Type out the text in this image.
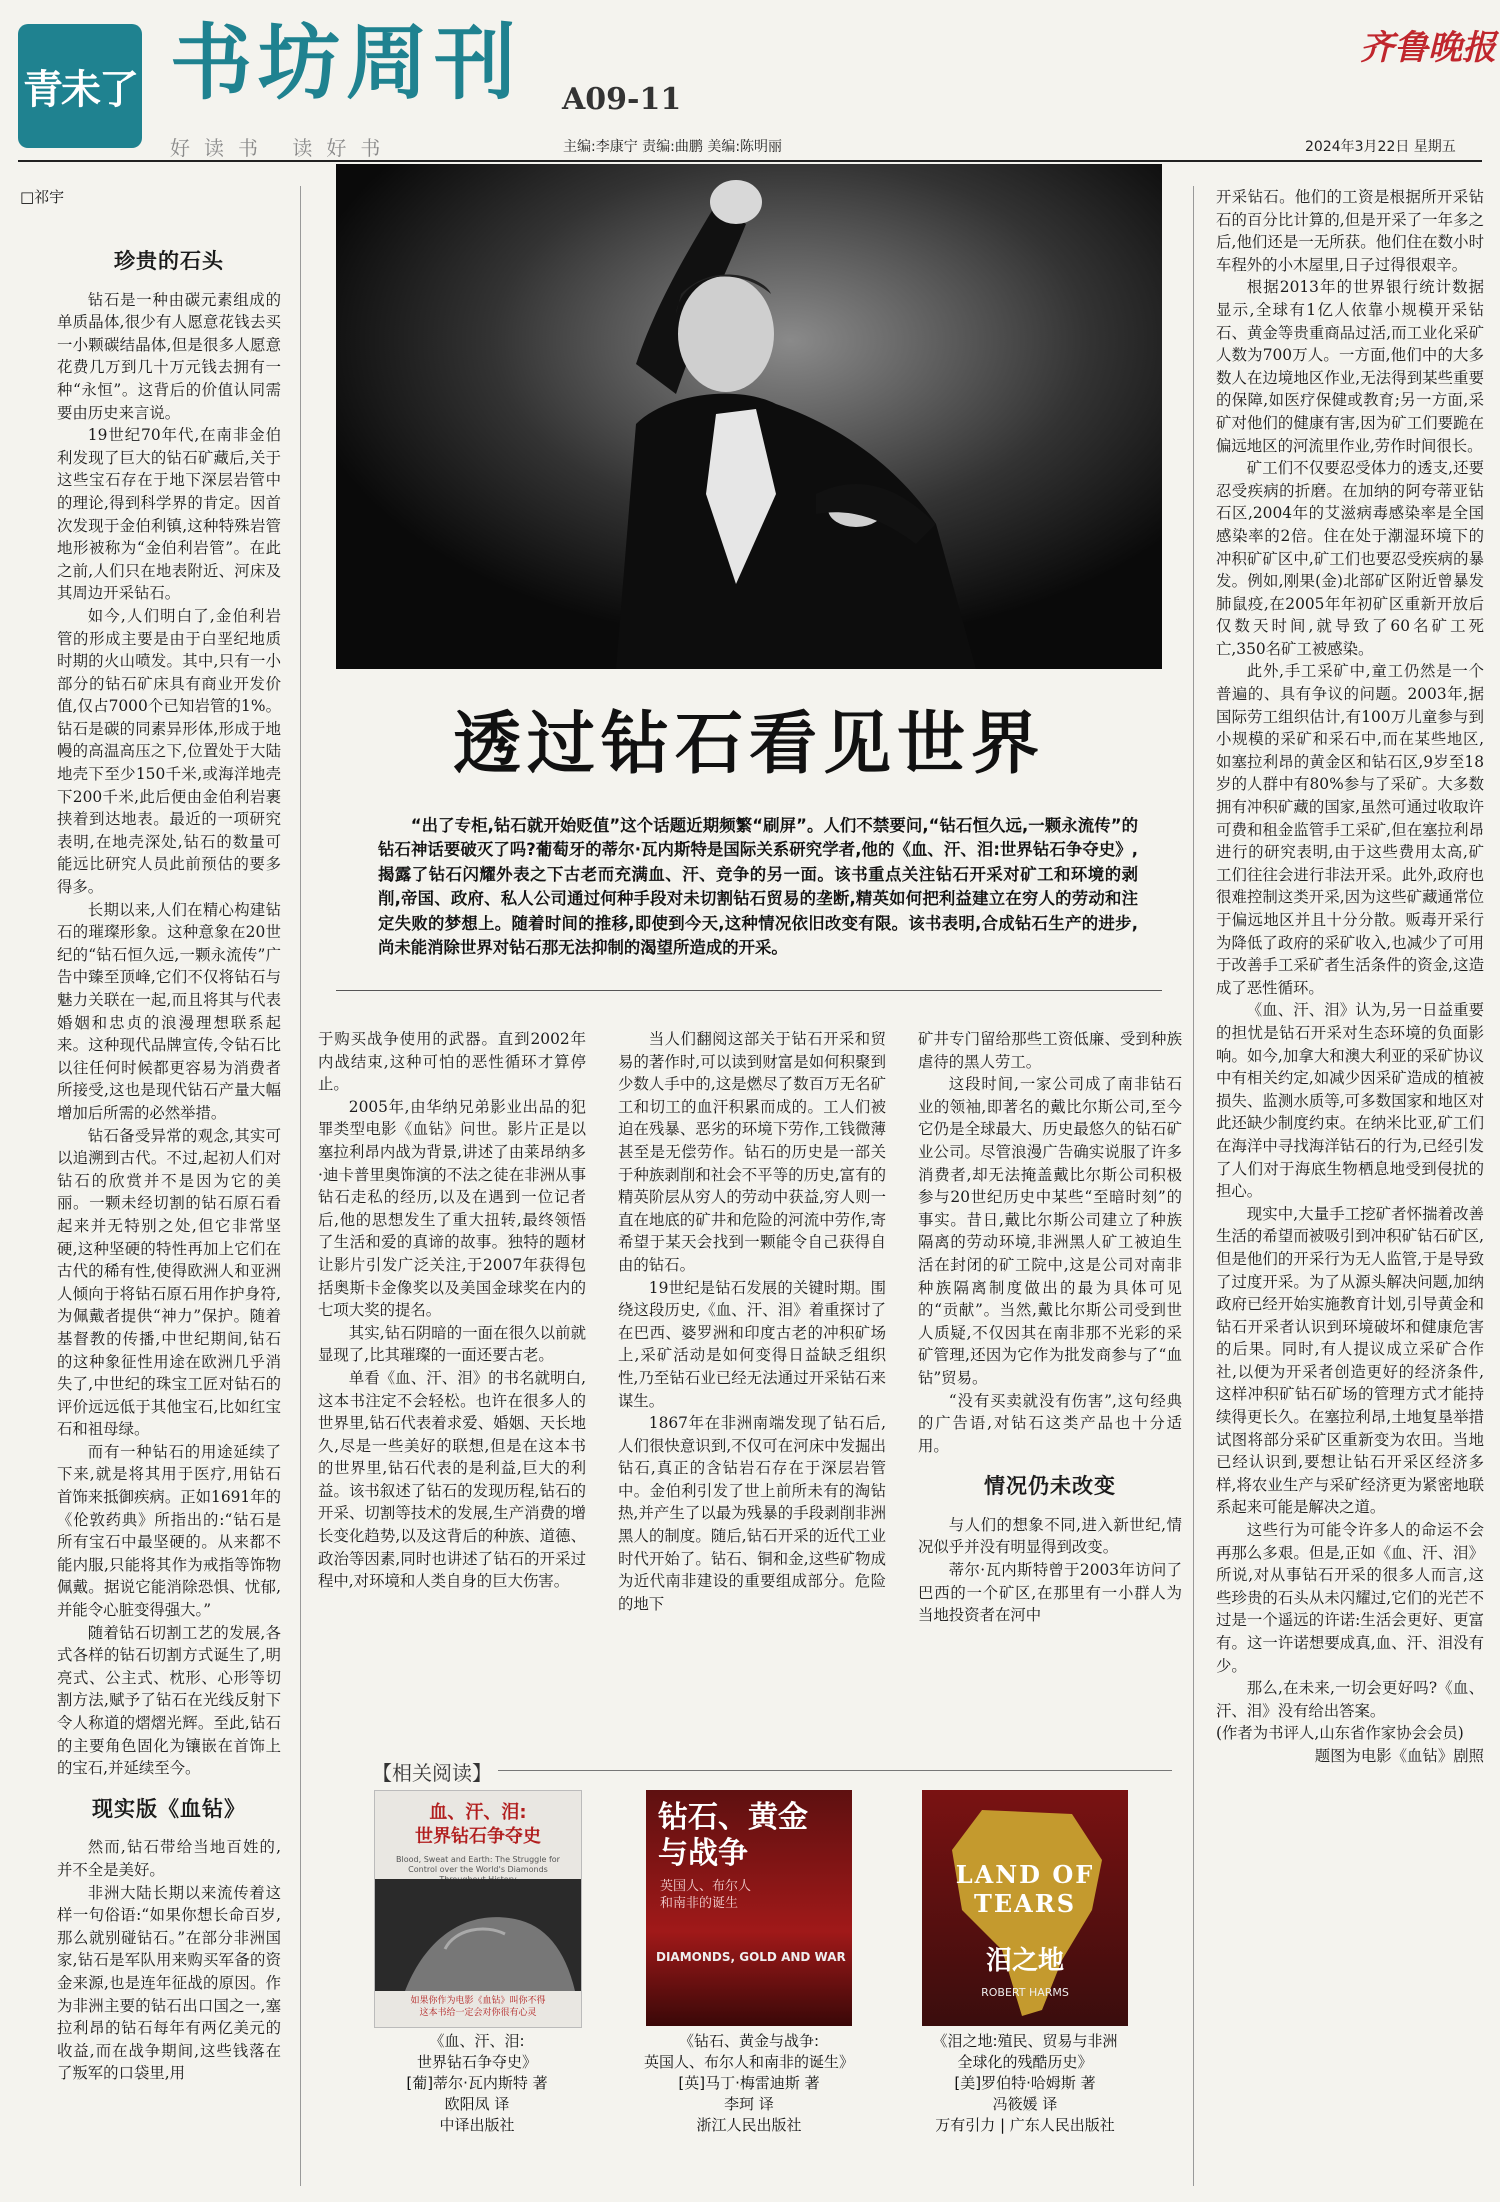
青未了 书坊周刊 A09-11
好读书 读好书	主编:李康宁 责编:曲鹏 美编:陈明丽
齐鲁晚报
2024年3月22日 星期五
□祁宇
珍贵的石头

钻石是一种由碳元素组成的单质晶体,很少有人愿意花钱去买一小颗碳结晶体,但是很多人愿意花费几万到几十万元钱去拥有一种“永恒”。这背后的价值认同需要由历史来言说。

19世纪70年代,在南非金伯利发现了巨大的钻石矿藏后,关于这些宝石存在于地下深层岩管中的理论,得到科学界的肯定。因首次发现于金伯利镇,这种特殊岩管地形被称为“金伯利岩管”。在此之前,人们只在地表附近、河床及其周边开采钻石。

如今,人们明白了,金伯利岩管的形成主要是由于白垩纪地质时期的火山喷发。其中,只有一小部分的钻石矿床具有商业开发价值,仅占7000个已知岩管的1%。钻石是碳的同素异形体,形成于地幔的高温高压之下,位置处于大陆地壳下至少150千米,或海洋地壳下200千米,此后便由金伯利岩裹挟着到达地表。最近的一项研究表明,在地壳深处,钻石的数量可能远比研究人员此前预估的要多得多。

长期以来,人们在精心构建钻石的璀璨形象。这种意象在20世纪的“钻石恒久远,一颗永流传”广告中臻至顶峰,它们不仅将钻石与魅力关联在一起,而且将其与代表婚姻和忠贞的浪漫理想联系起来。这种现代品牌宣传,令钻石比以往任何时候都更容易为消费者所接受,这也是现代钻石产量大幅增加后所需的必然举措。

钻石备受异常的观念,其实可以追溯到古代。不过,起初人们对钻石的欣赏并不是因为它的美丽。一颗未经切割的钻石原石看起来并无特别之处,但它非常坚硬,这种坚硬的特性再加上它们在古代的稀有性,使得欧洲人和亚洲人倾向于将钻石原石用作护身符,为佩戴者提供“神力”保护。随着基督教的传播,中世纪期间,钻石的这种象征性用途在欧洲几乎消失了,中世纪的珠宝工匠对钻石的评价远远低于其他宝石,比如红宝石和祖母绿。

而有一种钻石的用途延续了下来,就是将其用于医疗,用钻石首饰来抵御疾病。正如1691年的《伦敦药典》所指出的:“钻石是所有宝石中最坚硬的。从来都不能内服,只能将其作为戒指等饰物佩戴。据说它能消除恐惧、忧郁,并能令心脏变得强大。”

随着钻石切割工艺的发展,各式各样的钻石切割方式诞生了,明亮式、公主式、枕形、心形等切割方法,赋予了钻石在光线反射下令人称道的熠熠光辉。至此,钻石的主要角色固化为镶嵌在首饰上的宝石,并延续至今。

现实版《血钻》

然而,钻石带给当地百姓的,并不全是美好。

非洲大陆长期以来流传着这样一句俗语:“如果你想长命百岁,那么就别碰钻石。”在部分非洲国家,钻石是军队用来购买军备的资金来源,也是连年征战的原因。作为非洲主要的钻石出口国之一,塞拉利昂的钻石每年有两亿美元的收益,而在战争期间,这些钱落在了叛军的口袋里,用

透过钻石看见世界

“出了专柜,钻石就开始贬值”这个话题近期频繁“刷屏”。人们不禁要问,“钻石恒久远,一颗永流传”的钻石神话要破灭了吗?葡萄牙的蒂尔·瓦内斯特是国际关系研究学者,他的《血、汗、泪:世界钻石争夺史》,揭露了钻石闪耀外表之下古老而充满血、汗、竞争的另一面。该书重点关注钻石开采对矿工和环境的剥削,帝国、政府、私人公司通过何种手段对未切割钻石贸易的垄断,精英如何把利益建立在穷人的劳动和注定失败的梦想上。随着时间的推移,即使到今天,这种情况依旧改变有限。该书表明,合成钻石生产的进步,尚未能消除世界对钻石那无法抑制的渴望所造成的开采。

于购买战争使用的武器。直到2002年内战结束,这种可怕的恶性循环才算停止。

2005年,由华纳兄弟影业出品的犯罪类型电影《血钻》问世。影片正是以塞拉利昂内战为背景,讲述了由莱昂纳多·迪卡普里奥饰演的不法之徒在非洲从事钻石走私的经历,以及在遇到一位记者后,他的思想发生了重大扭转,最终领悟了生活和爱的真谛的故事。独特的题材让影片引发广泛关注,于2007年获得包括奥斯卡金像奖以及美国金球奖在内的七项大奖的提名。

其实,钻石阴暗的一面在很久以前就显现了,比其璀璨的一面还要古老。

单看《血、汗、泪》的书名就明白,这本书注定不会轻松。也许在很多人的世界里,钻石代表着求爱、婚姻、天长地久,尽是一些美好的联想,但是在这本书的世界里,钻石代表的是利益,巨大的利益。该书叙述了钻石的发现历程,钻石的开采、切割等技术的发展,生产消费的增长变化趋势,以及这背后的种族、道德、政治等因素,同时也讲述了钻石的开采过程中,对环境和人类自身的巨大伤害。

当人们翻阅这部关于钻石开采和贸易的著作时,可以读到财富是如何积聚到少数人手中的,这是燃尽了数百万无名矿工和切工的血汗积累而成的。工人们被迫在残暴、恶劣的环境下劳作,工钱微薄甚至是无偿劳作。钻石的历史是一部关于种族剥削和社会不平等的历史,富有的精英阶层从穷人的劳动中获益,穷人则一直在地底的矿井和危险的河流中劳作,寄希望于某天会找到一颗能令自己获得自由的钻石。

19世纪是钻石发展的关键时期。围绕这段历史,《血、汗、泪》着重探讨了在巴西、婆罗洲和印度古老的冲积矿场上,采矿活动是如何变得日益缺乏组织性,乃至钻石业已经无法通过开采钻石来谋生。

1867年在非洲南端发现了钻石后,人们很快意识到,不仅可在河床中发掘出钻石,真正的含钻岩石存在于深层岩管中。金伯利引发了世上前所未有的淘钻热,并产生了以最为残暴的手段剥削非洲黑人的制度。随后,钻石开采的近代工业时代开始了。钻石、铜和金,这些矿物成为近代南非建设的重要组成部分。危险的地下

矿井专门留给那些工资低廉、受到种族虐待的黑人劳工。

这段时间,一家公司成了南非钻石业的领袖,即著名的戴比尔斯公司,至今它仍是全球最大、历史最悠久的钻石矿业公司。尽管浪漫广告确实说服了许多消费者,却无法掩盖戴比尔斯公司积极参与20世纪历史中某些“至暗时刻”的事实。昔日,戴比尔斯公司建立了种族隔离的劳动环境,非洲黑人矿工被迫生活在封闭的矿工院中,这是公司对南非种族隔离制度做出的最为具体可见的“贡献”。当然,戴比尔斯公司受到世人质疑,不仅因其在南非那不光彩的采矿管理,还因为它作为批发商参与了“血钻”贸易。

“没有买卖就没有伤害”,这句经典的广告语,对钻石这类产品也十分适用。

情况仍未改变

与人们的想象不同,进入新世纪,情况似乎并没有明显得到改变。

蒂尔·瓦内斯特曾于2003年访问了巴西的一个矿区,在那里有一小群人为当地投资者在河中

开采钻石。他们的工资是根据所开采钻石的百分比计算的,但是开采了一年多之后,他们还是一无所获。他们住在数小时车程外的小木屋里,日子过得很艰辛。

根据2013年的世界银行统计数据显示,全球有1亿人依靠小规模开采钻石、黄金等贵重商品过活,而工业化采矿人数为700万人。一方面,他们中的大多数人在边境地区作业,无法得到某些重要的保障,如医疗保健或教育;另一方面,采矿对他们的健康有害,因为矿工们要跪在偏远地区的河流里作业,劳作时间很长。

矿工们不仅要忍受体力的透支,还要忍受疾病的折磨。在加纳的阿夸蒂亚钻石区,2004年的艾滋病毒感染率是全国感染率的2倍。住在处于潮湿环境下的冲积矿矿区中,矿工们也要忍受疾病的暴发。例如,刚果(金)北部矿区附近曾暴发肺鼠疫,在2005年年初矿区重新开放后仅数天时间,就导致了60名矿工死亡,350名矿工被感染。

此外,手工采矿中,童工仍然是一个普遍的、具有争议的问题。2003年,据国际劳工组织估计,有100万儿童参与到小规模的采矿和采石中,而在某些地区,如塞拉利昂的黄金区和钻石区,9岁至18岁的人群中有80%参与了采矿。大多数拥有冲积矿藏的国家,虽然可通过收取许可费和租金监管手工采矿,但在塞拉利昂进行的研究表明,由于这些费用太高,矿工们往往会进行非法开采。此外,政府也很难控制这类开采,因为这些矿藏通常位于偏远地区并且十分分散。贩毒开采行为降低了政府的采矿收入,也减少了可用于改善手工采矿者生活条件的资金,这造成了恶性循环。

《血、汗、泪》认为,另一日益重要的担忧是钻石开采对生态环境的负面影响。如今,加拿大和澳大利亚的采矿协议中有相关约定,如减少因采矿造成的植被损失、监测水质等,可多数国家和地区对此还缺少制度约束。在纳米比亚,矿工们在海洋中寻找海洋钻石的行为,已经引发了人们对于海底生物栖息地受到侵扰的担心。

现实中,大量手工挖矿者怀揣着改善生活的希望而被吸引到冲积矿钻石矿区,但是他们的开采行为无人监管,于是导致了过度开采。为了从源头解决问题,加纳政府已经开始实施教育计划,引导黄金和钻石开采者认识到环境破坏和健康危害的后果。同时,有人提议成立采矿合作社,以便为开采者创造更好的经济条件,这样冲积矿钻石矿场的管理方式才能持续得更长久。在塞拉利昂,土地复垦举措试图将部分采矿区重新变为农田。当地已经认识到,要想让钻石开采区经济多样,将农业生产与采矿经济更为紧密地联系起来可能是解决之道。

这些行为可能令许多人的命运不会再那么多艰。但是,正如《血、汗、泪》所说,对从事钻石开采的很多人而言,这些珍贵的石头从未闪耀过,它们的光芒不过是一个遥远的许诺:生活会更好、更富有。这一许诺想要成真,血、汗、泪没有少。

那么,在未来,一切会更好吗?《血、汗、泪》没有给出答案。

(作者为书评人,山东省作家协会会员)

题图为电影《血钻》剧照

【相关阅读】
血、汗、泪:
世界钻石争夺史
Blood, Sweat and Earth: The Struggle for Control over the World's Diamonds
如果你作为电影《血钻》叫你不得
这本书给一定会对你很有心灵
钻石、黄金
与战争
英国人、布尔人
和南非的诞生
DIAMONDS, GOLD AND WAR
LAND OF TEARS
泪之地
ROBERT HARMS
《血、汗、泪:
世界钻石争夺史》
[葡]蒂尔·瓦内斯特 著
欧阳凤 译
中译出版社
《钻石、黄金与战争:
英国人、布尔人和南非的诞生》
[英]马丁·梅雷迪斯 著
李珂 译
浙江人民出版社
《泪之地:殖民、贸易与非洲
全球化的残酷历史》
[美]罗伯特·哈姆斯 著
冯筱媛 译
万有引力 | 广东人民出版社
